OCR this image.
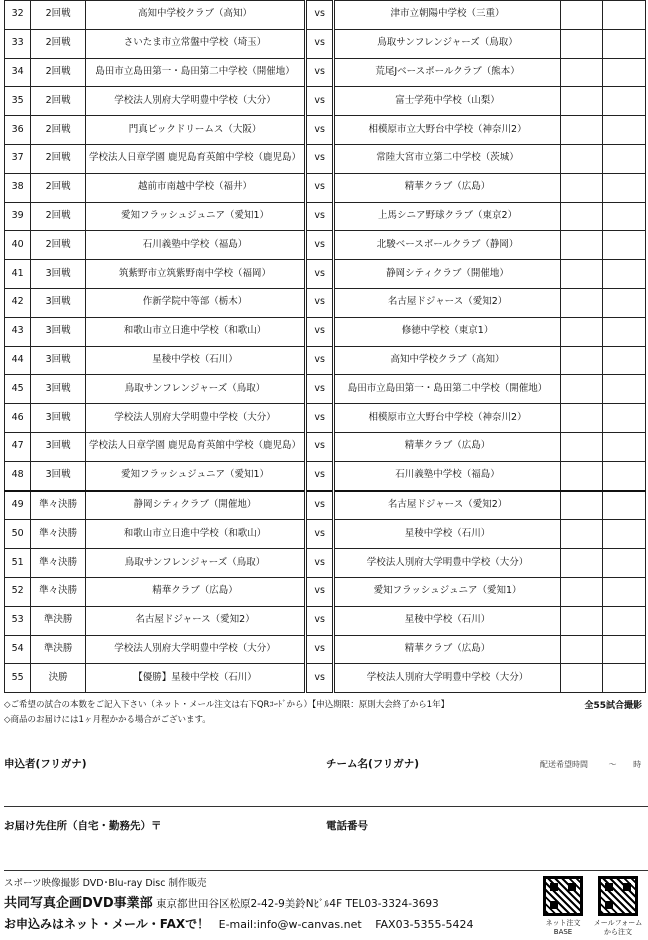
32	2回戦	高知中学校クラブ（高知）	vs	津市立朝陽中学校（三重）		
33	2回戦	さいたま市立常盤中学校（埼玉）	vs	鳥取サンフレンジャーズ（鳥取）		
34	2回戦	島田市立島田第一・島田第二中学校（開催地）	vs	荒尾Jベースボールクラブ（熊本）		
35	2回戦	学校法人別府大学明豊中学校（大分）	vs	富士学苑中学校（山梨）		
36	2回戦	門真ビックドリームス（大阪）	vs	相模原市立大野台中学校（神奈川2）		
37	2回戦	学校法人日章学園 鹿児島育英館中学校（鹿児島）	vs	常陸大宮市立第二中学校（茨城）		
38	2回戦	越前市南越中学校（福井）	vs	精華クラブ（広島）		
39	2回戦	愛知フラッシュジュニア（愛知1）	vs	上馬シニア野球クラブ（東京2）		
40	2回戦	石川義塾中学校（福島）	vs	北駿ベースボールクラブ（静岡）		
41	3回戦	筑紫野市立筑紫野南中学校（福岡）	vs	静岡シティクラブ（開催地）		
42	3回戦	作新学院中等部（栃木）	vs	名古屋ドジャース（愛知2）		
43	3回戦	和歌山市立日進中学校（和歌山）	vs	修徳中学校（東京1）		
44	3回戦	星稜中学校（石川）	vs	高知中学校クラブ（高知）		
45	3回戦	鳥取サンフレンジャーズ（鳥取）	vs	島田市立島田第一・島田第二中学校（開催地）		
46	3回戦	学校法人別府大学明豊中学校（大分）	vs	相模原市立大野台中学校（神奈川2）		
47	3回戦	学校法人日章学園 鹿児島育英館中学校（鹿児島）	vs	精華クラブ（広島）		
48	3回戦	愛知フラッシュジュニア（愛知1）	vs	石川義塾中学校（福島）		
49	準々決勝	静岡シティクラブ（開催地）	vs	名古屋ドジャース（愛知2）		
50	準々決勝	和歌山市立日進中学校（和歌山）	vs	星稜中学校（石川）		
51	準々決勝	鳥取サンフレンジャーズ（鳥取）	vs	学校法人別府大学明豊中学校（大分）		
52	準々決勝	精華クラブ（広島）	vs	愛知フラッシュジュニア（愛知1）		
53	準決勝	名古屋ドジャース（愛知2）	vs	星稜中学校（石川）		
54	準決勝	学校法人別府大学明豊中学校（大分）	vs	精華クラブ（広島）		
55	決勝	【優勝】星稜中学校（石川）	vs	学校法人別府大学明豊中学校（大分）		
◇ご希望の試合の本数をご記入下さい（ネット・メール注文は右下QRｺｰﾄﾞから）【申込期限：原則大会終了から1年】
◇商品のお届けには1ヶ月程かかる場合がございます。
全55試合撮影
申込者(フリガナ)	チーム名(フリガナ)	配送希望時間	～ 時
お届け先住所（自宅・勤務先）〒	電話番号
スポーツ映像撮影 DVD･Blu-ray Disc 制作販売
共同写真企画DVD事業部 東京都世田谷区松原2-42-9美鈴Nﾋﾞﾙ4F TEL03-3324-3693
お申込みはネット・メール・FAXで！ E-mail:info@w-canvas.net FAX03-5355-5424	ネット注文 BASE
メールフォーム から注文
